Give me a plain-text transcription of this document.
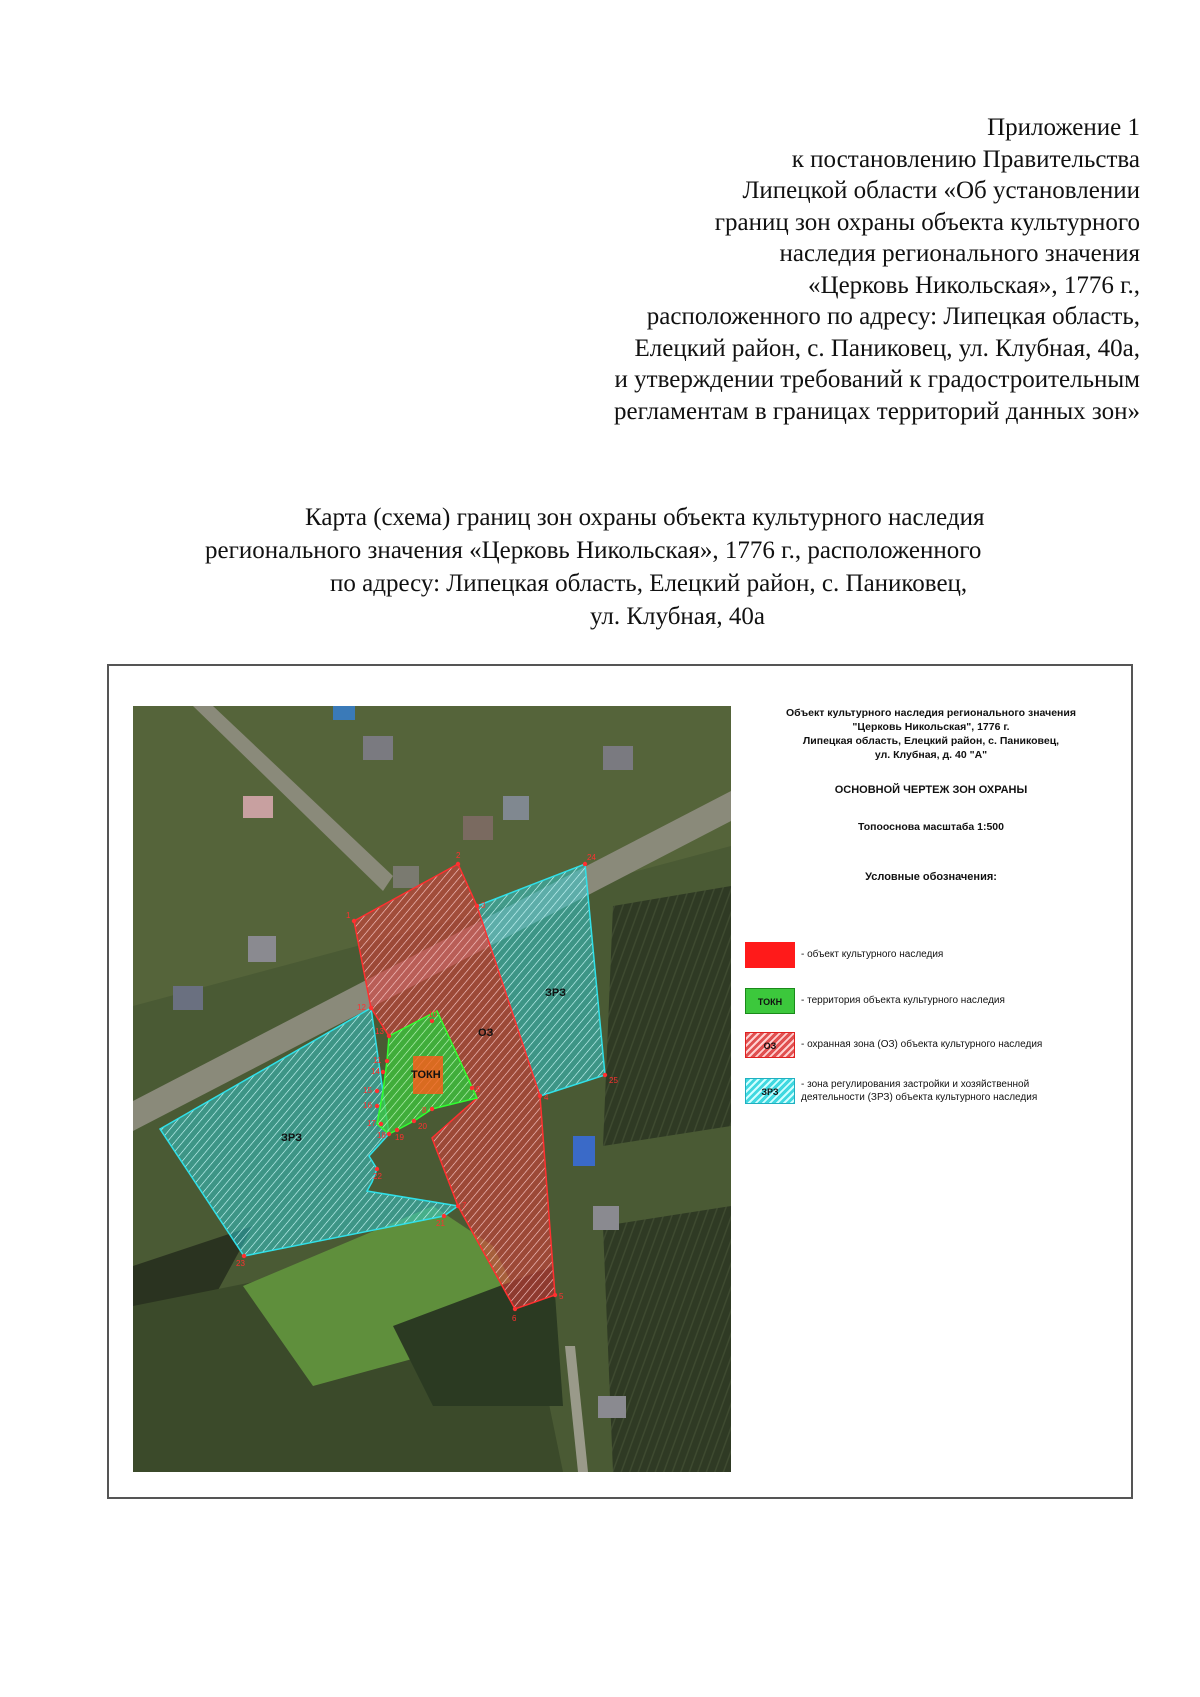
Приложение 1
к постановлению Правительства
Липецкой области «Об установлении
границ зон охраны объекта культурного
наследия регионального значения
«Церковь Никольская», 1776 г.,
расположенного по адресу: Липецкая область,
Елецкий район, с. Паниковец, ул. Клубная, 40а,
и утверждении требований к градостроительным
регламентам в границах территорий данных зон»
Карта (схема) границ зон охраны объекта культурного наследия
регионального значения «Церковь Никольская», 1776 г., расположенного
по адресу: Липецкая область, Елецкий район, с. Паниковец,
ул. Клубная, 40а
ОЗ
ТОКН
ЗРЗ
ЗРЗ
1
2
3
4
5
6
7
8
9
10
11
12
13
14
15
16
17
18 19
20
21
22
23
24
25
Объект культурного наследия регионального значения
"Церковь Никольская", 1776 г.
Липецкая область, Елецкий район, с. Паниковец,
ул. Клубная, д. 40 "А"
ОСНОВНОЙ ЧЕРТЕЖ ЗОН ОХРАНЫ
Топооснова масштаба 1:500
Условные обозначения:
- объект культурного наследия
ТОКН	- территория объекта культурного наследия
ОЗ	- охранная зона (ОЗ) объекта культурного наследия
ЗРЗ
- зона регулирования застройки и хозяйственной
деятельности (ЗРЗ) объекта культурного наследия
